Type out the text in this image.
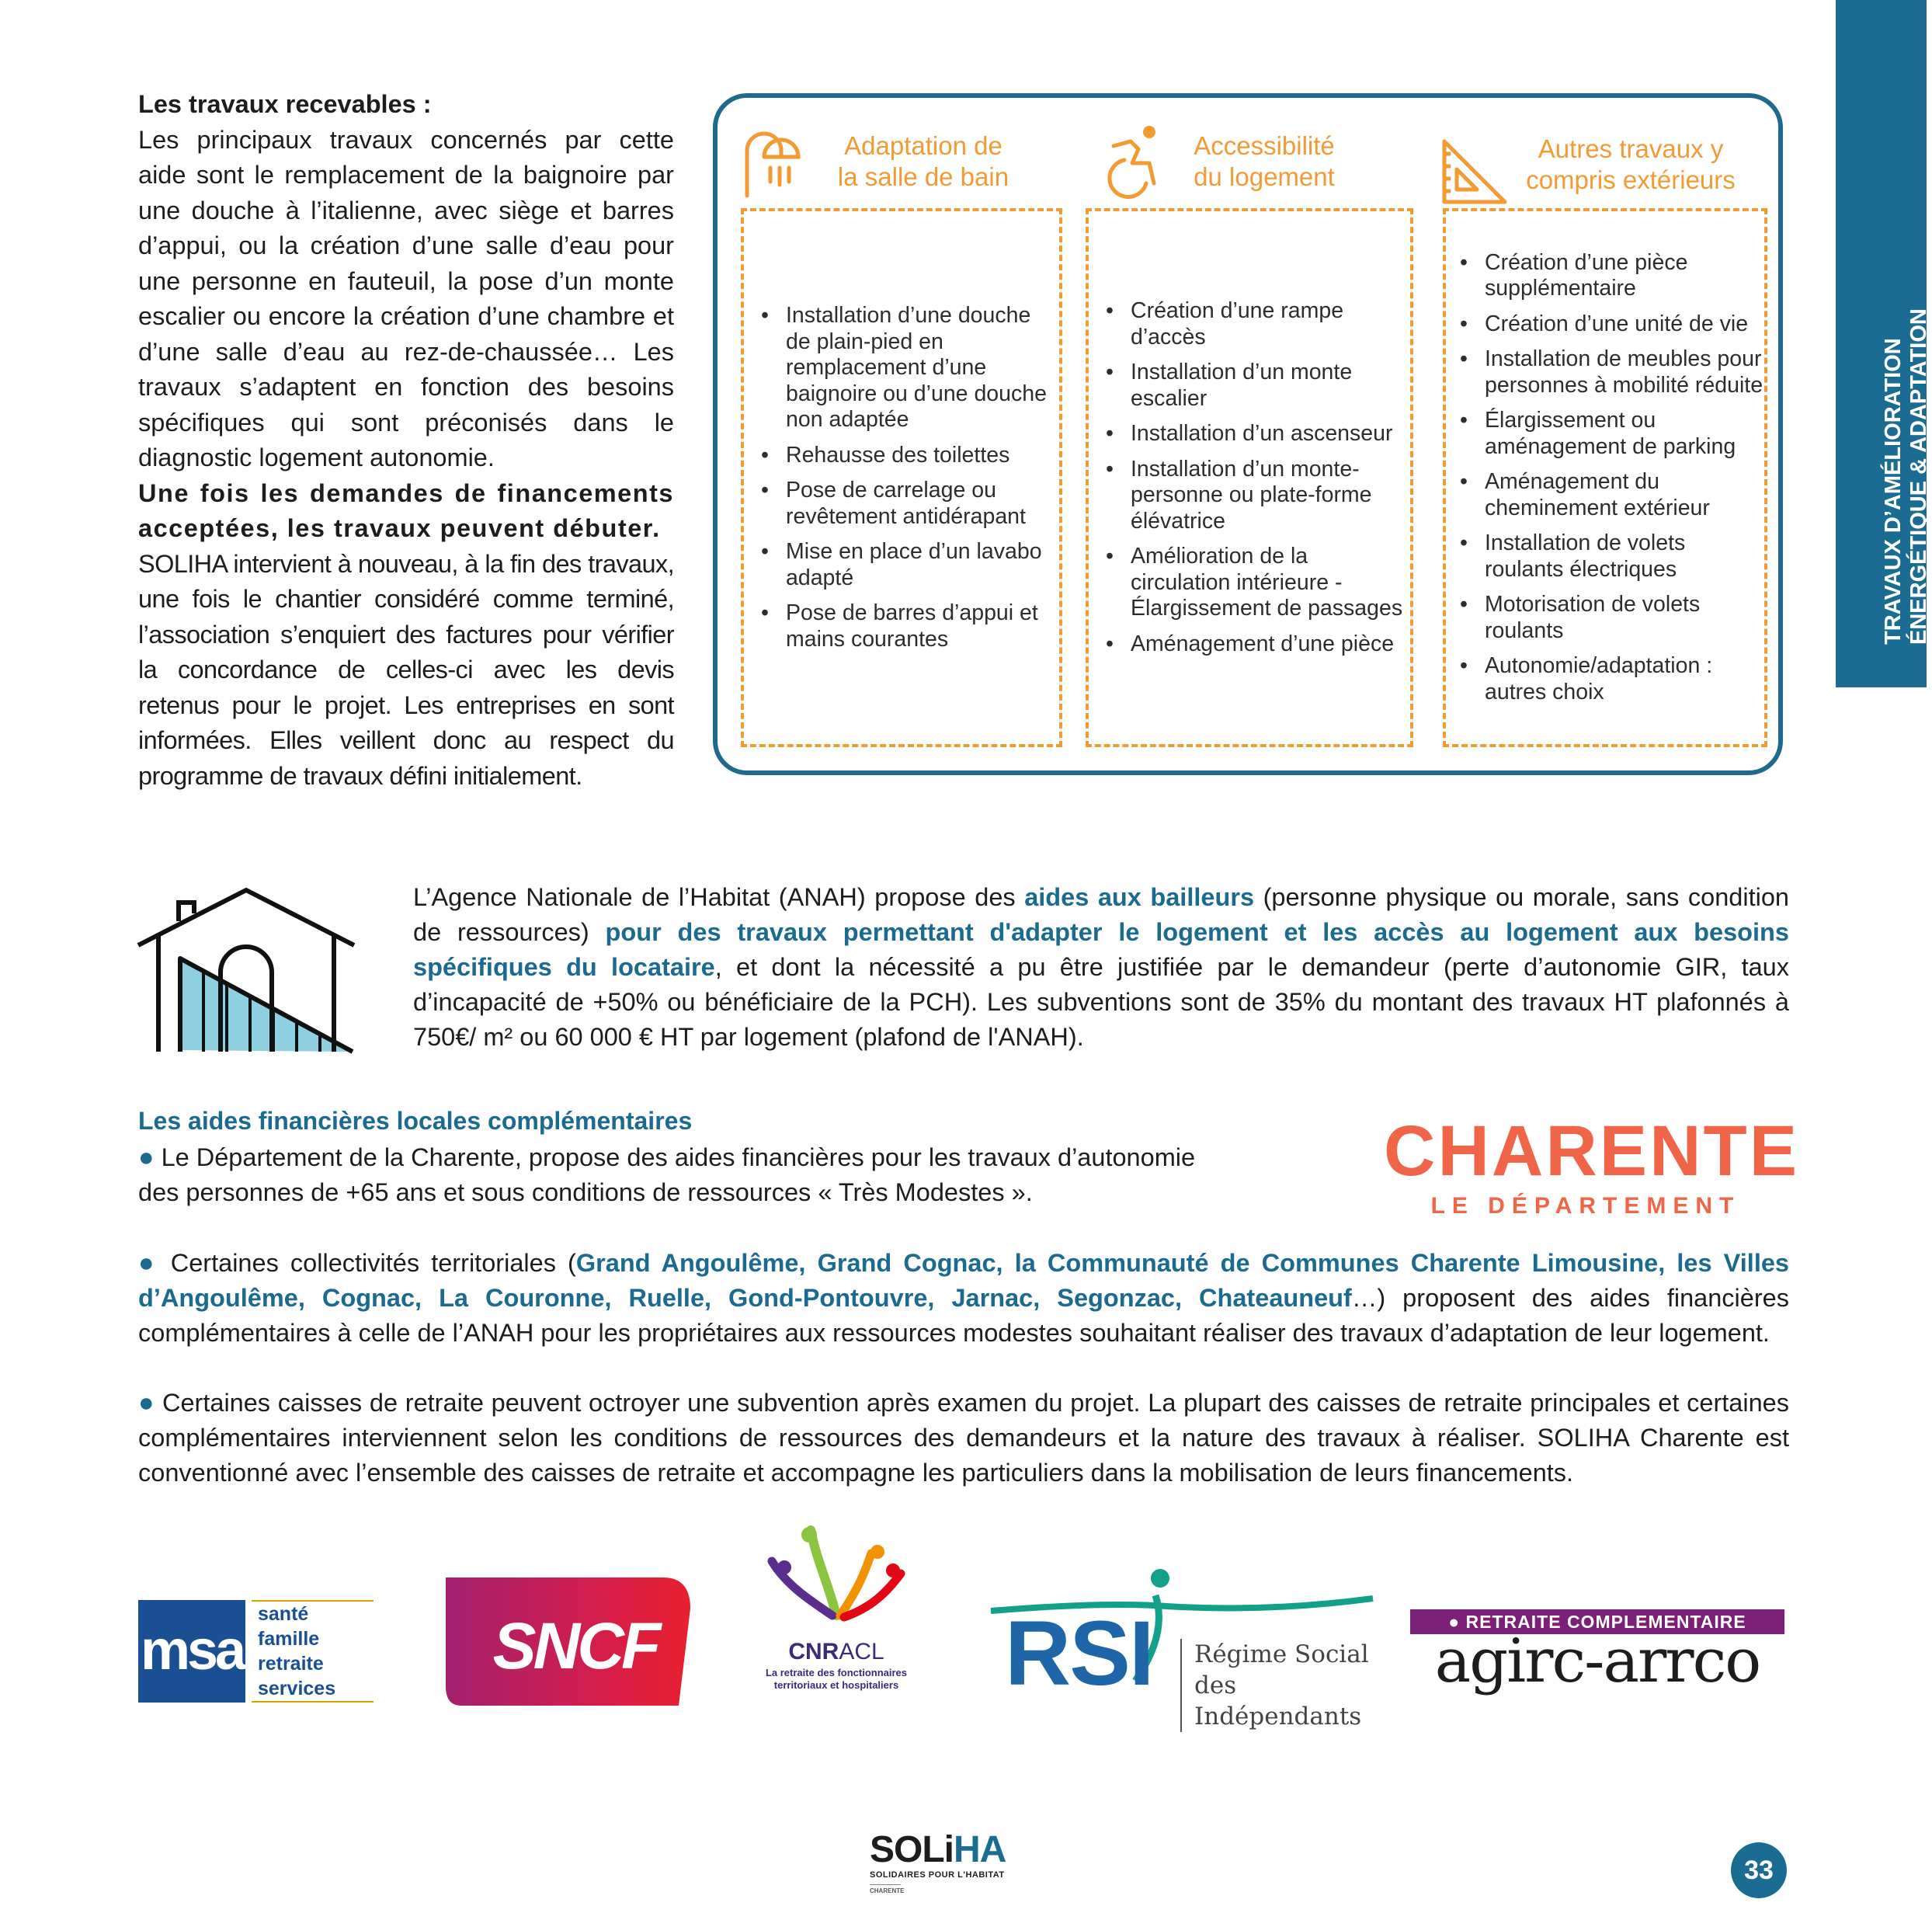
TRAVAUX D’AMÉLIORATION ÉNERGÉTIQUE & ADAPTATION

Les travaux recevables :

Les principaux travaux concernés par cette aide sont le remplacement de la baignoire par une douche à l’italienne, avec siège et barres d’appui, ou la création d’une salle d’eau pour une personne en fauteuil, la pose d’un monte escalier ou encore la création d’une chambre et d’une salle d’eau au rez-de-chaussée… Les travaux s’adaptent en fonction des besoins spécifiques qui sont préconisés dans le diagnostic logement autonomie.

Une fois les demandes de financements acceptées, les travaux peuvent débuter.

SOLIHA intervient à nouveau, à la fin des travaux, une fois le chantier considéré comme terminé, l’association s’enquiert des factures pour vérifier la concordance de celles-ci avec les devis retenus pour le projet. Les entreprises en sont informées. Elles veillent donc au respect du programme de travaux défini initialement.

Adaptation de
la salle de bain
• Installation d’une douche de plain-pied en remplacement d’une baignoire ou d’une douche non adaptée
• Rehausse des toilettes
• Pose de carrelage ou revêtement antidérapant
• Mise en place d’un lavabo adapté
• Pose de barres d’appui et mains courantes
Accessibilité
du logement
• Création d’une rampe d’accès
• Installation d’un monte escalier
• Installation d’un ascenseur
• Installation d’un monte-personne ou plate-forme élévatrice
• Amélioration de la circulation intérieure - Élargissement de passages
• Aménagement d’une pièce
Autres travaux y
compris extérieurs
• Création d’une pièce supplémentaire
• Création d’une unité de vie
• Installation de meubles pour personnes à mobilité réduite
• Élargissement ou aménagement de parking
• Aménagement du cheminement extérieur
• Installation de volets roulants électriques
• Motorisation de volets roulants
• Autonomie/adaptation : autres choix
L’Agence Nationale de l’Habitat (ANAH) propose des aides aux bailleurs (personne physique ou morale, sans condition de ressources) pour des travaux permettant d'adapter le logement et les accès au logement aux besoins spécifiques du locataire, et dont la nécessité a pu être justifiée par le demandeur (perte d’autonomie GIR, taux d’incapacité de +50% ou bénéficiaire de la PCH). Les subventions sont de 35% du montant des travaux HT plafonnés à 750€/ m² ou 60 000 € HT par logement (plafond de l'ANAH).
Les aides financières locales complémentaires
● Le Département de la Charente, propose des aides financières pour les travaux d’autonomie
des personnes de +65 ans et sous conditions de ressources « Très Modestes ».
CHARENTE
LE DÉPARTEMENT
● Certaines collectivités territoriales (Grand Angoulême, Grand Cognac, la Communauté de Communes Charente Limousine, les Villes d’Angoulême, Cognac, La Couronne, Ruelle, Gond-Pontouvre, Jarnac, Segonzac, Chateauneuf…) proposent des aides financières complémentaires à celle de l’ANAH pour les propriétaires aux ressources modestes souhaitant réaliser des travaux d’adaptation de leur logement.
● Certaines caisses de retraite peuvent octroyer une subvention après examen du projet. La plupart des caisses de retraite principales et certaines complémentaires interviennent selon les conditions de ressources des demandeurs et la nature des travaux à réaliser. SOLIHA Charente est conventionné avec l’ensemble des caisses de retraite et accompagne les particuliers dans la mobilisation de leurs financements.
msa
santé
famille
retraite
services
SNCF	CNRACL
La retraite des fonctionnaires
territoriaux et hospitaliers RSI Régime Social
des Indépendants
● RETRAITE COMPLEMENTAIRE
agirc-arrco
SOLiHA
SOLIDAIRES POUR L'HABITAT
CHARENTE
33
